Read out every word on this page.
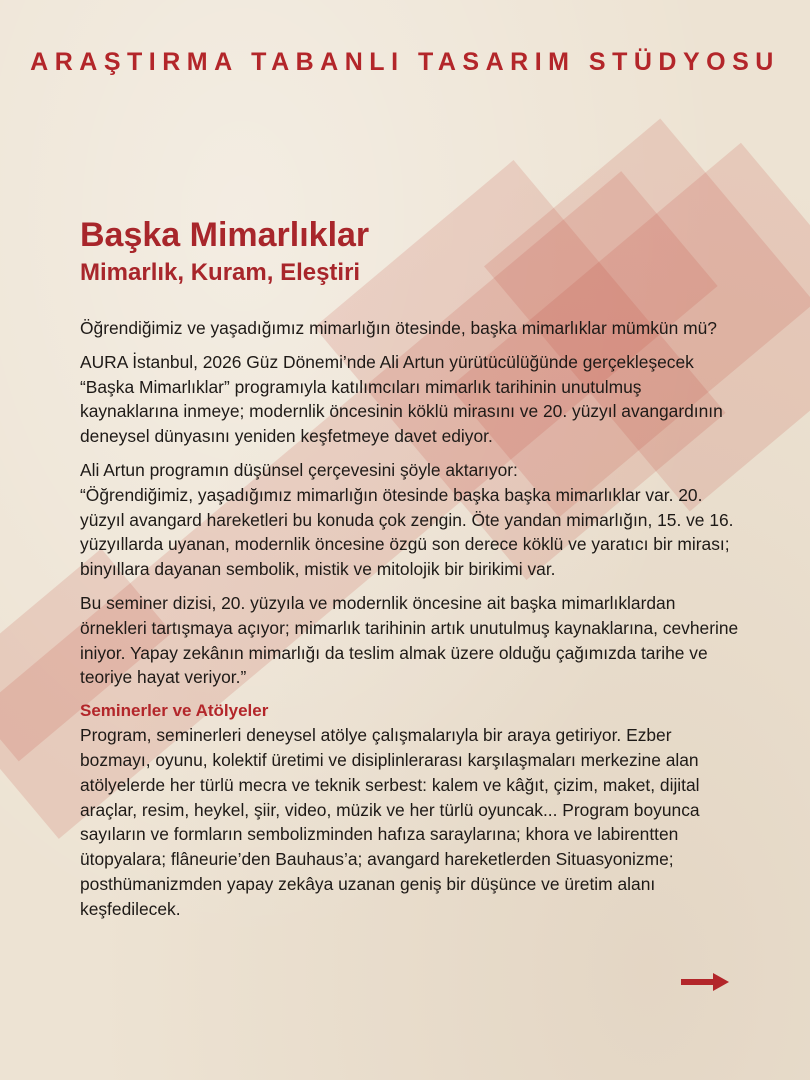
ARAŞTIRMA TABANLI TASARIM STÜDYOSU
Başka Mimarlıklar
Mimarlık, Kuram, Eleştiri

Öğrendiğimiz ve yaşadığımız mimarlığın ötesinde, başka mimarlıklar mümkün mü?

AURA İstanbul, 2026 Güz Dönemi’nde Ali Artun yürütücülüğünde gerçekleşecek “Başka Mimarlıklar” programıyla katılımcıları mimarlık tarihinin unutulmuş kaynaklarına inmeye; modernlik öncesinin köklü mirasını ve 20. yüzyıl avangardının deneysel dünyasını yeniden keşfetmeye davet ediyor.

Ali Artun programın düşünsel çerçevesini şöyle aktarıyor:

“Öğrendiğimiz, yaşadığımız mimarlığın ötesinde başka başka mimarlıklar var. 20. yüzyıl avangard hareketleri bu konuda çok zengin. Öte yandan mimarlığın, 15. ve 16. yüzyıllarda uyanan, modernlik öncesine özgü son derece köklü ve yaratıcı bir mirası; binyıllara dayanan sembolik, mistik ve mitolojik bir birikimi var.

Bu seminer dizisi, 20. yüzyıla ve modernlik öncesine ait başka mimarlıklardan örnekleri tartışmaya açıyor; mimarlık tarihinin artık unutulmuş kaynaklarına, cevherine iniyor. Yapay zekânın mimarlığı da teslim almak üzere olduğu çağımızda tarihe ve teoriye hayat veriyor.”

Seminerler ve Atölyeler

Program, seminerleri deneysel atölye çalışmalarıyla bir araya getiriyor. Ezber bozmayı, oyunu, kolektif üretimi ve disiplinlerarası karşılaşmaları merkezine alan atölyelerde her türlü mecra ve teknik serbest: kalem ve kâğıt, çizim, maket, dijital araçlar, resim, heykel, şiir, video, müzik ve her türlü oyuncak... Program boyunca sayıların ve formların sembolizminden hafıza saraylarına; khora ve labirentten ütopyalara; flâneurie’den Bauhaus’a; avangard hareketlerden Situasyonizme; posthümanizmden yapay zekâya uzanan geniş bir düşünce ve üretim alanı keşfedilecek.
